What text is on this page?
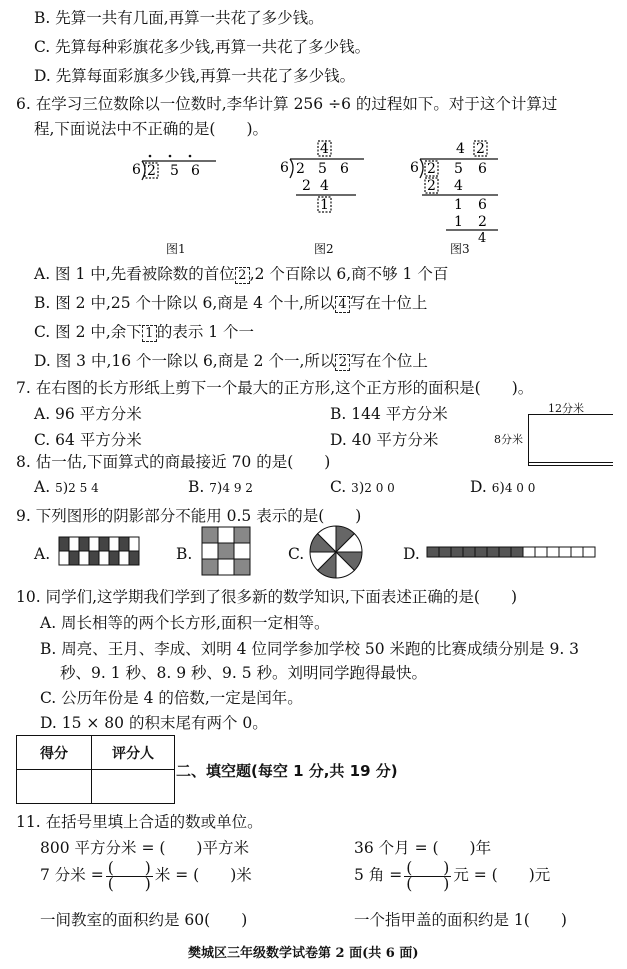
B. 先算一共有几面,再算一共花了多少钱。
C. 先算每种彩旗花多少钱,再算一共花了多少钱。
D. 先算每面彩旗多少钱,再算一共花了多少钱。
6. 在学习三位数除以一位数时,李华计算 256 ÷6 的过程如下。对于这个计算过
程,下面说法中不正确的是(　　)。
6 2 5 6
图1
4
6 2 5 6
2 4
1
图2
4 2
6 2 5 6
2 4
1 6
1 2
4
图3
A. 图 1 中,先看被除数的首位 2 ,2 个百除以 6,商不够 1 个百
B. 图 2 中,25 个十除以 6,商是 4 个十,所以 4 写在十位上
C. 图 2 中,余下 1 的表示 1 个一
D. 图 3 中,16 个一除以 6,商是 2 个一,所以 2 写在个位上
7. 在右图的长方形纸上剪下一个最大的正方形,这个正方形的面积是(　　)。
A. 96 平方分米	B. 144 平方分米
C. 64 平方分米	D. 40 平方分米
12分米
8分米
8. 估一估,下面算式的商最接近 70 的是(　　)
A. 5)2 5 4	B. 7)4 9 2	C. 3)2 0 0	D. 6)4 0 0
9. 下列图形的阴影部分不能用 0.5 表示的是(　　)
A.	B.	C.	D.
10. 同学们,这学期我们学到了很多新的数学知识,下面表述正确的是(　　)
A. 周长相等的两个长方形,面积一定相等。
B. 周亮、王月、李成、刘明 4 位同学参加学校 50 米跑的比赛成绩分别是 9. 3
秒、9. 1 秒、8. 9 秒、9. 5 秒。刘明同学跑得最快。
C. 公历年份是 4 的倍数,一定是闰年。
D. 15 × 80 的积末尾有两个 0。
得分	评分人

二、填空题(每空 1 分,共 19 分)
11. 在括号里填上合适的数或单位。
800 平方分米 = (　　)平方米	36 个月 = (　　)年
7 分米 = $\frac{( )}{( )}$ 米 = (　　)米	5 角 = $\frac{( )}{( )}$ 元 = (　　)元
一间教室的面积约是 60(　　)	一个指甲盖的面积约是 1(　　)
樊城区三年级数学试卷第 2 面(共 6 面)
